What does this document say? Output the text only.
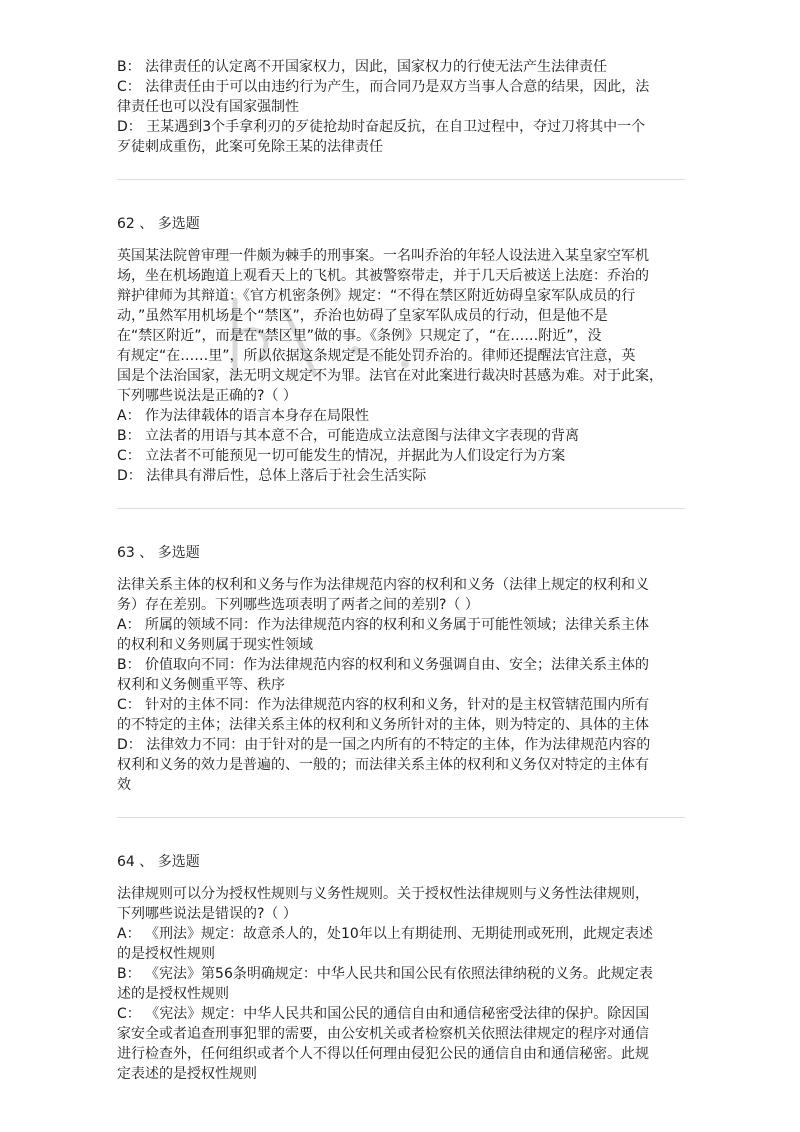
B： 法律责任的认定离不开国家权力，因此，国家权力的行使无法产生法律责任
C： 法律责任由于可以由违约行为产生，而合同乃是双方当事人合意的结果，因此，法
律责任也可以没有国家强制性
D： 王某遇到3个手拿利刃的歹徒抢劫时奋起反抗，在自卫过程中，夺过刀将其中一个
歹徒刺成重伤，此案可免除王某的法律责任
62 、 多选题
英国某法院曾审理一件颇为棘手的刑事案。一名叫乔治的年轻人设法进入某皇家空军机
场，坐在机场跑道上观看天上的飞机。其被警察带走，并于几天后被送上法庭：乔治的
辩护律师为其辩道：《官方机密条例》规定：“不得在禁区附近妨碍皇家军队成员的行
动，”虽然军用机场是个“禁区”，乔治也妨碍了皇家军队成员的行动，但是他不是
在“禁区附近”，而是在“禁区里”做的事。《条例》只规定了，“在……附近”，没
有规定“在……里”，所以依据这条规定是不能处罚乔治的。律师还提醒法官注意，英
国是个法治国家，法无明文规定不为罪。法官在对此案进行裁决时甚感为难。对于此案，
下列哪些说法是正确的?（ ）
A： 作为法律载体的语言本身存在局限性
B： 立法者的用语与其本意不合，可能造成立法意图与法律文字表现的背离
C： 立法者不可能预见一切可能发生的情况，并据此为人们设定行为方案
D： 法律具有滞后性，总体上落后于社会生活实际
63 、 多选题
法律关系主体的权利和义务与作为法律规范内容的权利和义务（法律上规定的权利和义
务）存在差别。下列哪些选项表明了两者之间的差别?（ ）
A： 所属的领域不同：作为法律规范内容的权利和义务属于可能性领域；法律关系主体
的权利和义务则属于现实性领域
B： 价值取向不同：作为法律规范内容的权利和义务强调自由、安全；法律关系主体的
权利和义务侧重平等、秩序
C： 针对的主体不同：作为法律规范内容的权利和义务，针对的是主权管辖范围内所有
的不特定的主体；法律关系主体的权利和义务所针对的主体，则为特定的、具体的主体
D： 法律效力不同：由于针对的是一国之内所有的不特定的主体，作为法律规范内容的
权利和义务的效力是普遍的、一般的；而法律关系主体的权利和义务仅对特定的主体有
效
64 、 多选题
法律规则可以分为授权性规则与义务性规则。关于授权性法律规则与义务性法律规则，
下列哪些说法是错误的?（ ）
A： 《刑法》规定：故意杀人的，处10年以上有期徒刑、无期徒刑或死刑，此规定表述
的是授权性规则
B： 《宪法》第56条明确规定：中华人民共和国公民有依照法律纳税的义务。此规定表
述的是授权性规则
C： 《宪法》规定：中华人民共和国公民的通信自由和通信秘密受法律的保护。除因国
家安全或者追查刑事犯罪的需要，由公安机关或者检察机关依照法律规定的程序对通信
进行检查外，任何组织或者个人不得以任何理由侵犯公民的通信自由和通信秘密。此规
定表述的是授权性规则
